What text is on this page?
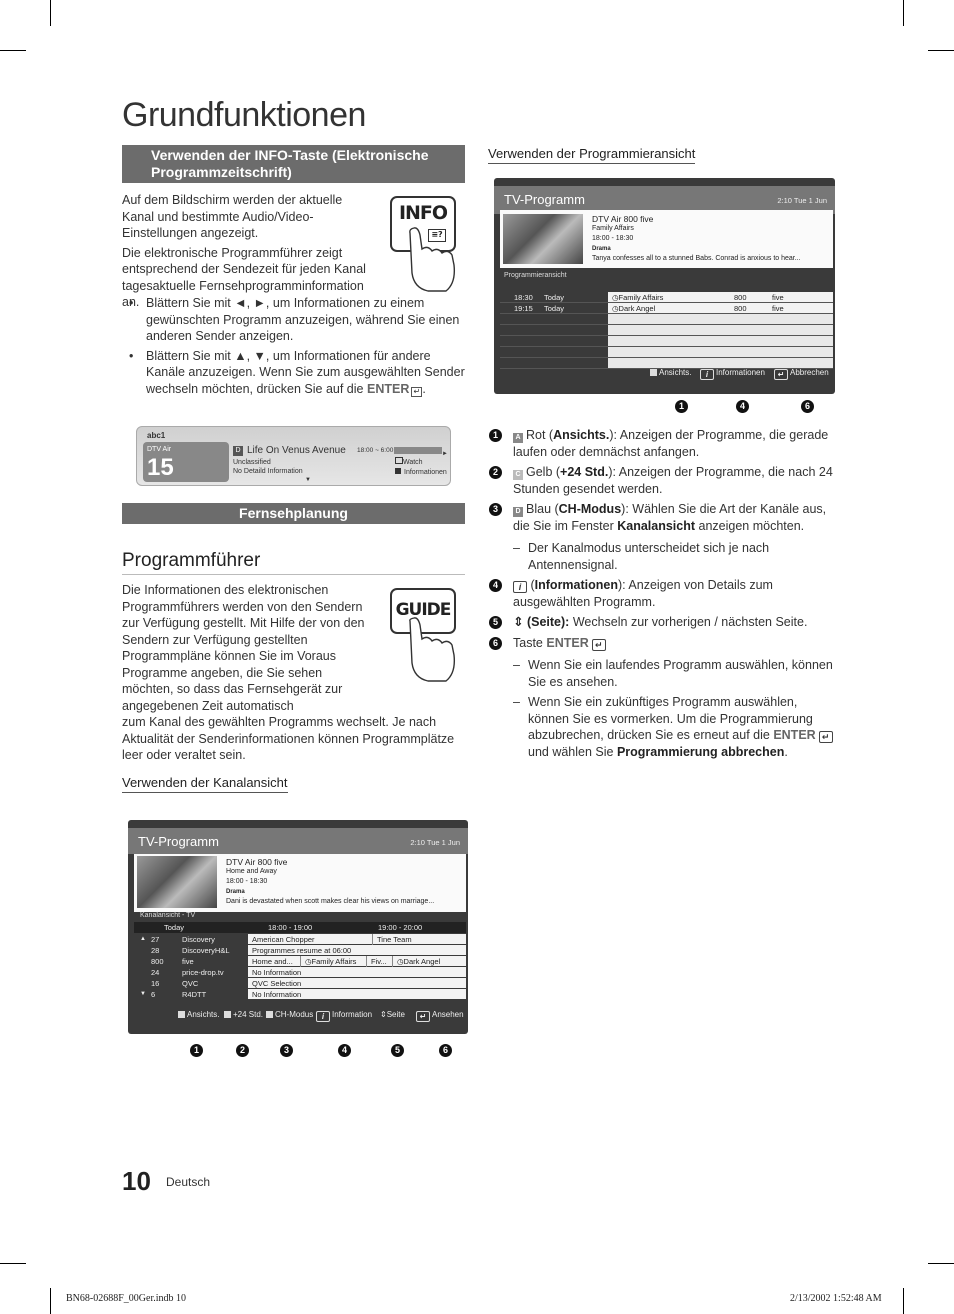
Grundfunktionen
Verwenden der INFO-Taste (Elektronische Programmzeitschrift)

Auf dem Bildschirm werden der aktuelle Kanal und bestimmte Audio/Video-Einstellungen angezeigt.

Die elektronische Programmführer zeigt entsprechend der Sendezeit für jeden Kanal tagesaktuelle Fernsehprogramminformation an.

• Blättern Sie mit ◄, ►, um Informationen zu einem gewünschten Programm anzuzeigen, während Sie einen anderen Sender anzeigen.
• Blättern Sie mit ▲, ▼, um Informationen für andere Kanäle anzuzeigen. Wenn Sie zum ausgewählten Sender wechseln möchten, drücken Sie auf die ENTER ↵ .
INFO
≡?
abc1
DTV Air
15
D Life On Venus Avenue 18:00 ~ 6:00
Unclassified
No Detaild Information
Watch
Informationen
▼
►
Fernsehplanung
Programmführer
Die Informationen des elektronischen Programmführers werden von den Sendern zur Verfügung gestellt. Mit Hilfe der von den Sendern zur Verfügung gestellten Programmpläne können Sie im Voraus Programme angeben, die Sie sehen möchten, so dass das Fernsehgerät zur angegebenen Zeit automatisch
zum Kanal des gewählten Programms wechselt. Je nach Aktualität der Senderinformationen können Programmplätze leer oder veraltet sein.
GUIDE
Verwenden der Kanalansicht
Verwenden der Programmieransicht
TV-Programm	2:10 Tue 1 Jun
DTV Air 800 five
Home and Away
18:00 - 18:30
Drama
Dani is devastated when scott makes clear his views on marriage...
Kanalansicht - TV
Today	18:00 - 19:00	19:00 - 20:00
▲ 27	Discovery	American Chopper	Tine Team
28	DiscoveryH&L	Programmes resume at 06:00
800 five	Home and...	◷Family Affairs	Fiv...	◷Dark Angel
24	price-drop.tv	No Information
16	QVC	QVC Selection
▼ 6	R4DTT	No Information
Ansichts.	+24 Std.	CH-Modus	i Information ⇕Seite	↵ Ansehen
1	2	3	4	5	6
TV-Programm	2:10 Tue 1 Jun
DTV Air 800 five
Family Affairs
18:00 - 18:30
Drama
Tanya confesses all to a stunned Babs. Conrad is anxious to hear...
Programmieransicht
18:30 Today	◷Family Affairs	800	five
19:15 Today	◷Dark Angel	800	five
Ansichts.	i Informationen	↵ Abbrechen
1	4	6
1	A Rot (Ansichts.): Anzeigen der Programme, die gerade laufen oder demnächst anfangen.
2	C Gelb (+24 Std.): Anzeigen der Programme, die nach 24 Stunden gesendet werden.
3	D Blau (CH-Modus): Wählen Sie die Art der Kanäle aus, die Sie im Fenster Kanalansicht anzeigen möchten.
– Der Kanalmodus unterscheidet sich je nach Antennensignal.
4	i (Informationen): Anzeigen von Details zum ausgewählten Programm.
5	⇕ (Seite): Wechseln zur vorherigen / nächsten Seite.
6	Taste ENTER ↵
– Wenn Sie ein laufendes Programm auswählen, können Sie es ansehen.
– Wenn Sie ein zukünftiges Programm auswählen, können Sie es vormerken. Um die Programmierung abzubrechen, drücken Sie es erneut auf die ENTER ↵ und wählen Sie Programmierung abbrechen.
10 Deutsch
BN68-02688F_00Ger.indb 10	2/13/2002 1:52:48 AM
